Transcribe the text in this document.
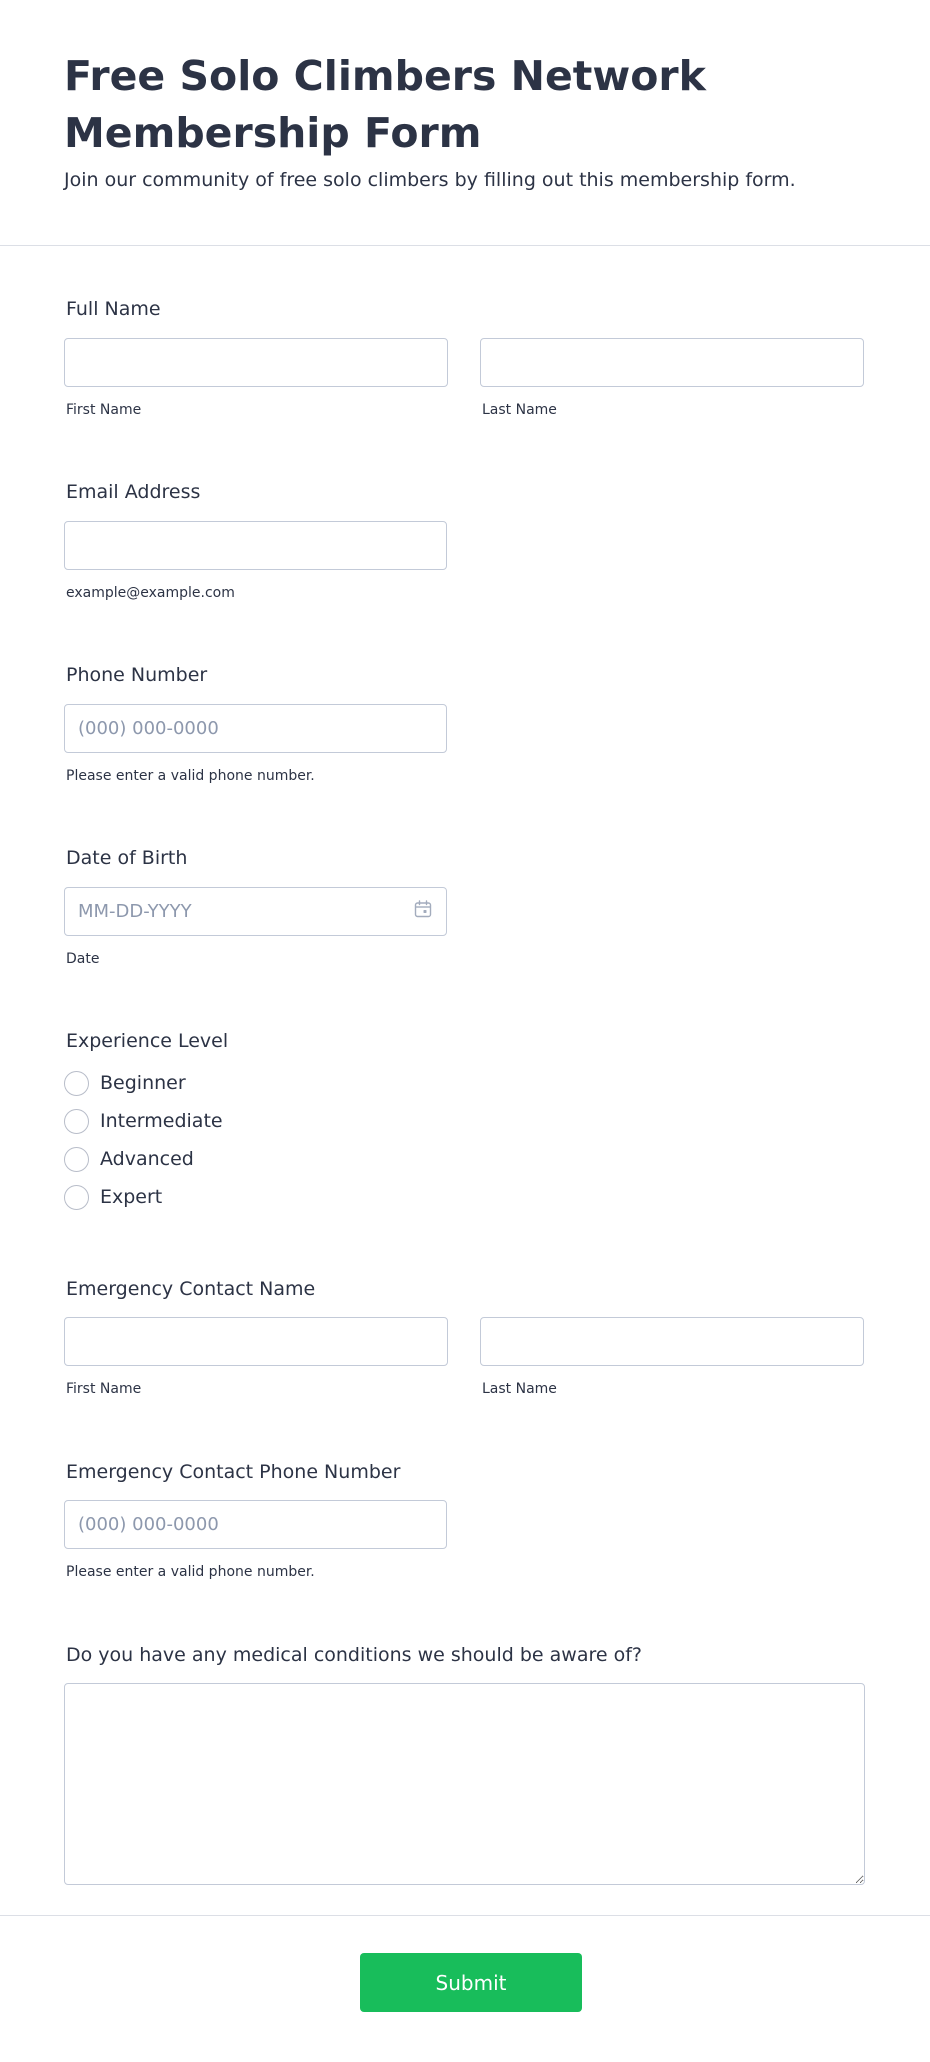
Free Solo Climbers Network Membership Form

Join our community of free solo climbers by filling out this membership form.

Full Name
First Name	Last Name
Email Address
example@example.com
Phone Number
(000) 000-0000
Please enter a valid phone number.
Date of Birth
MM-DD-YYYY
Date
Experience Level
Beginner
Intermediate
Advanced
Expert
Emergency Contact Name
First Name	Last Name
Emergency Contact Phone Number
(000) 000-0000
Please enter a valid phone number.
Do you have any medical conditions we should be aware of?
Submit
